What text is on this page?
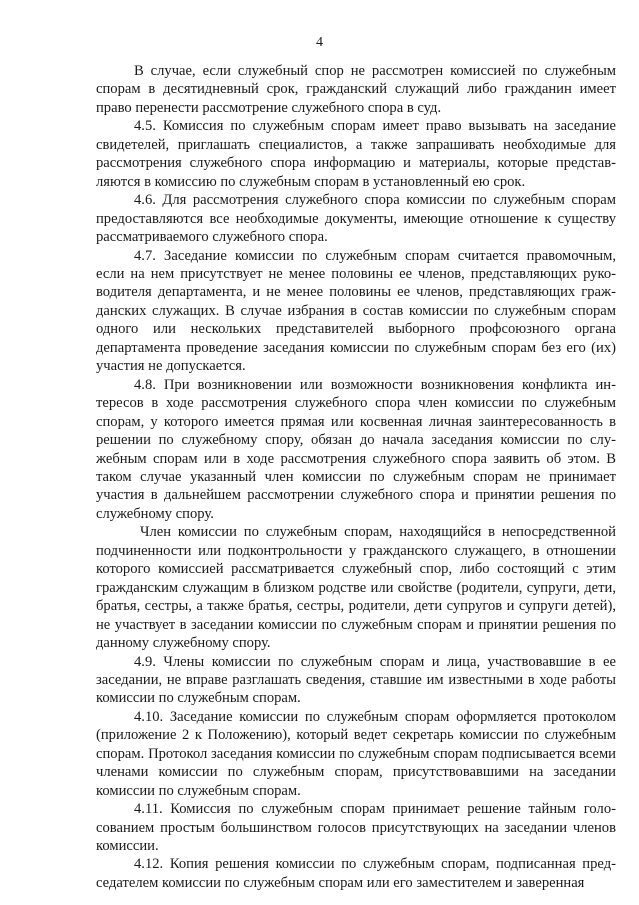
4

В случае, если служебный спор не рассмотрен комиссией по служебным спорам в десятидневный срок, гражданский служащий либо гражданин имеет право перенести рассмотрение служебного спора в суд.

4.5. Комиссия по служебным спорам имеет право вызывать на заседание свидетелей, приглашать специалистов, а также запрашивать необходимые для рассмотрения служебного спора информацию и материалы, которые представляются в комиссию по служебным спорам в установленный ею срок.

4.6. Для рассмотрения служебного спора комиссии по служебным спорам предоставляются все необходимые документы, имеющие отношение к существу рассматриваемого служебного спора.

4.7. Заседание комиссии по служебным спорам считается правомочным, если на нем присутствует не менее половины ее членов, представляющих руководителя департамента, и не менее половины ее членов, представляющих гражданских служащих. В случае избрания в состав комиссии по служебным спорам одного или нескольких представителей выборного профсоюзного органа департамента проведение заседания комиссии по служебным спорам без его (их) участия не допускается.

4.8. При возникновении или возможности возникновения конфликта интересов в ходе рассмотрения служебного спора член комиссии по служебным спорам, у которого имеется прямая или косвенная личная заинтересованность в решении по служебному спору, обязан до начала заседания комиссии по служебным спорам или в ходе рассмотрения служебного спора заявить об этом. В таком случае указанный член комиссии по служебным спорам не принимает участия в дальнейшем рассмотрении служебного спора и принятии решения по служебному спору.

Член комиссии по служебным спорам, находящийся в непосредственной подчиненности или подконтрольности у гражданского служащего, в отношении которого комиссией рассматривается служебный спор, либо состоящий с этим гражданским служащим в близком родстве или свойстве (родители, супруги, дети, братья, сестры, а также братья, сестры, родители, дети супругов и супруги детей), не участвует в заседании комиссии по служебным спорам и принятии решения по данному служебному спору.

4.9. Члены комиссии по служебным спорам и лица, участвовавшие в ее заседании, не вправе разглашать сведения, ставшие им известными в ходе работы комиссии по служебным спорам.

4.10. Заседание комиссии по служебным спорам оформляется протоколом (приложение 2 к Положению), который ведет секретарь комиссии по служебным спорам. Протокол заседания комиссии по служебным спорам подписывается всеми членами комиссии по служебным спорам, присутствовавшими на заседании комиссии по служебным спорам.

4.11. Комиссия по служебным спорам принимает решение тайным голосованием простым большинством голосов присутствующих на заседании членов комиссии.

4.12. Копия решения комиссии по служебным спорам, подписанная председателем комиссии по служебным спорам или его заместителем и заверенная
